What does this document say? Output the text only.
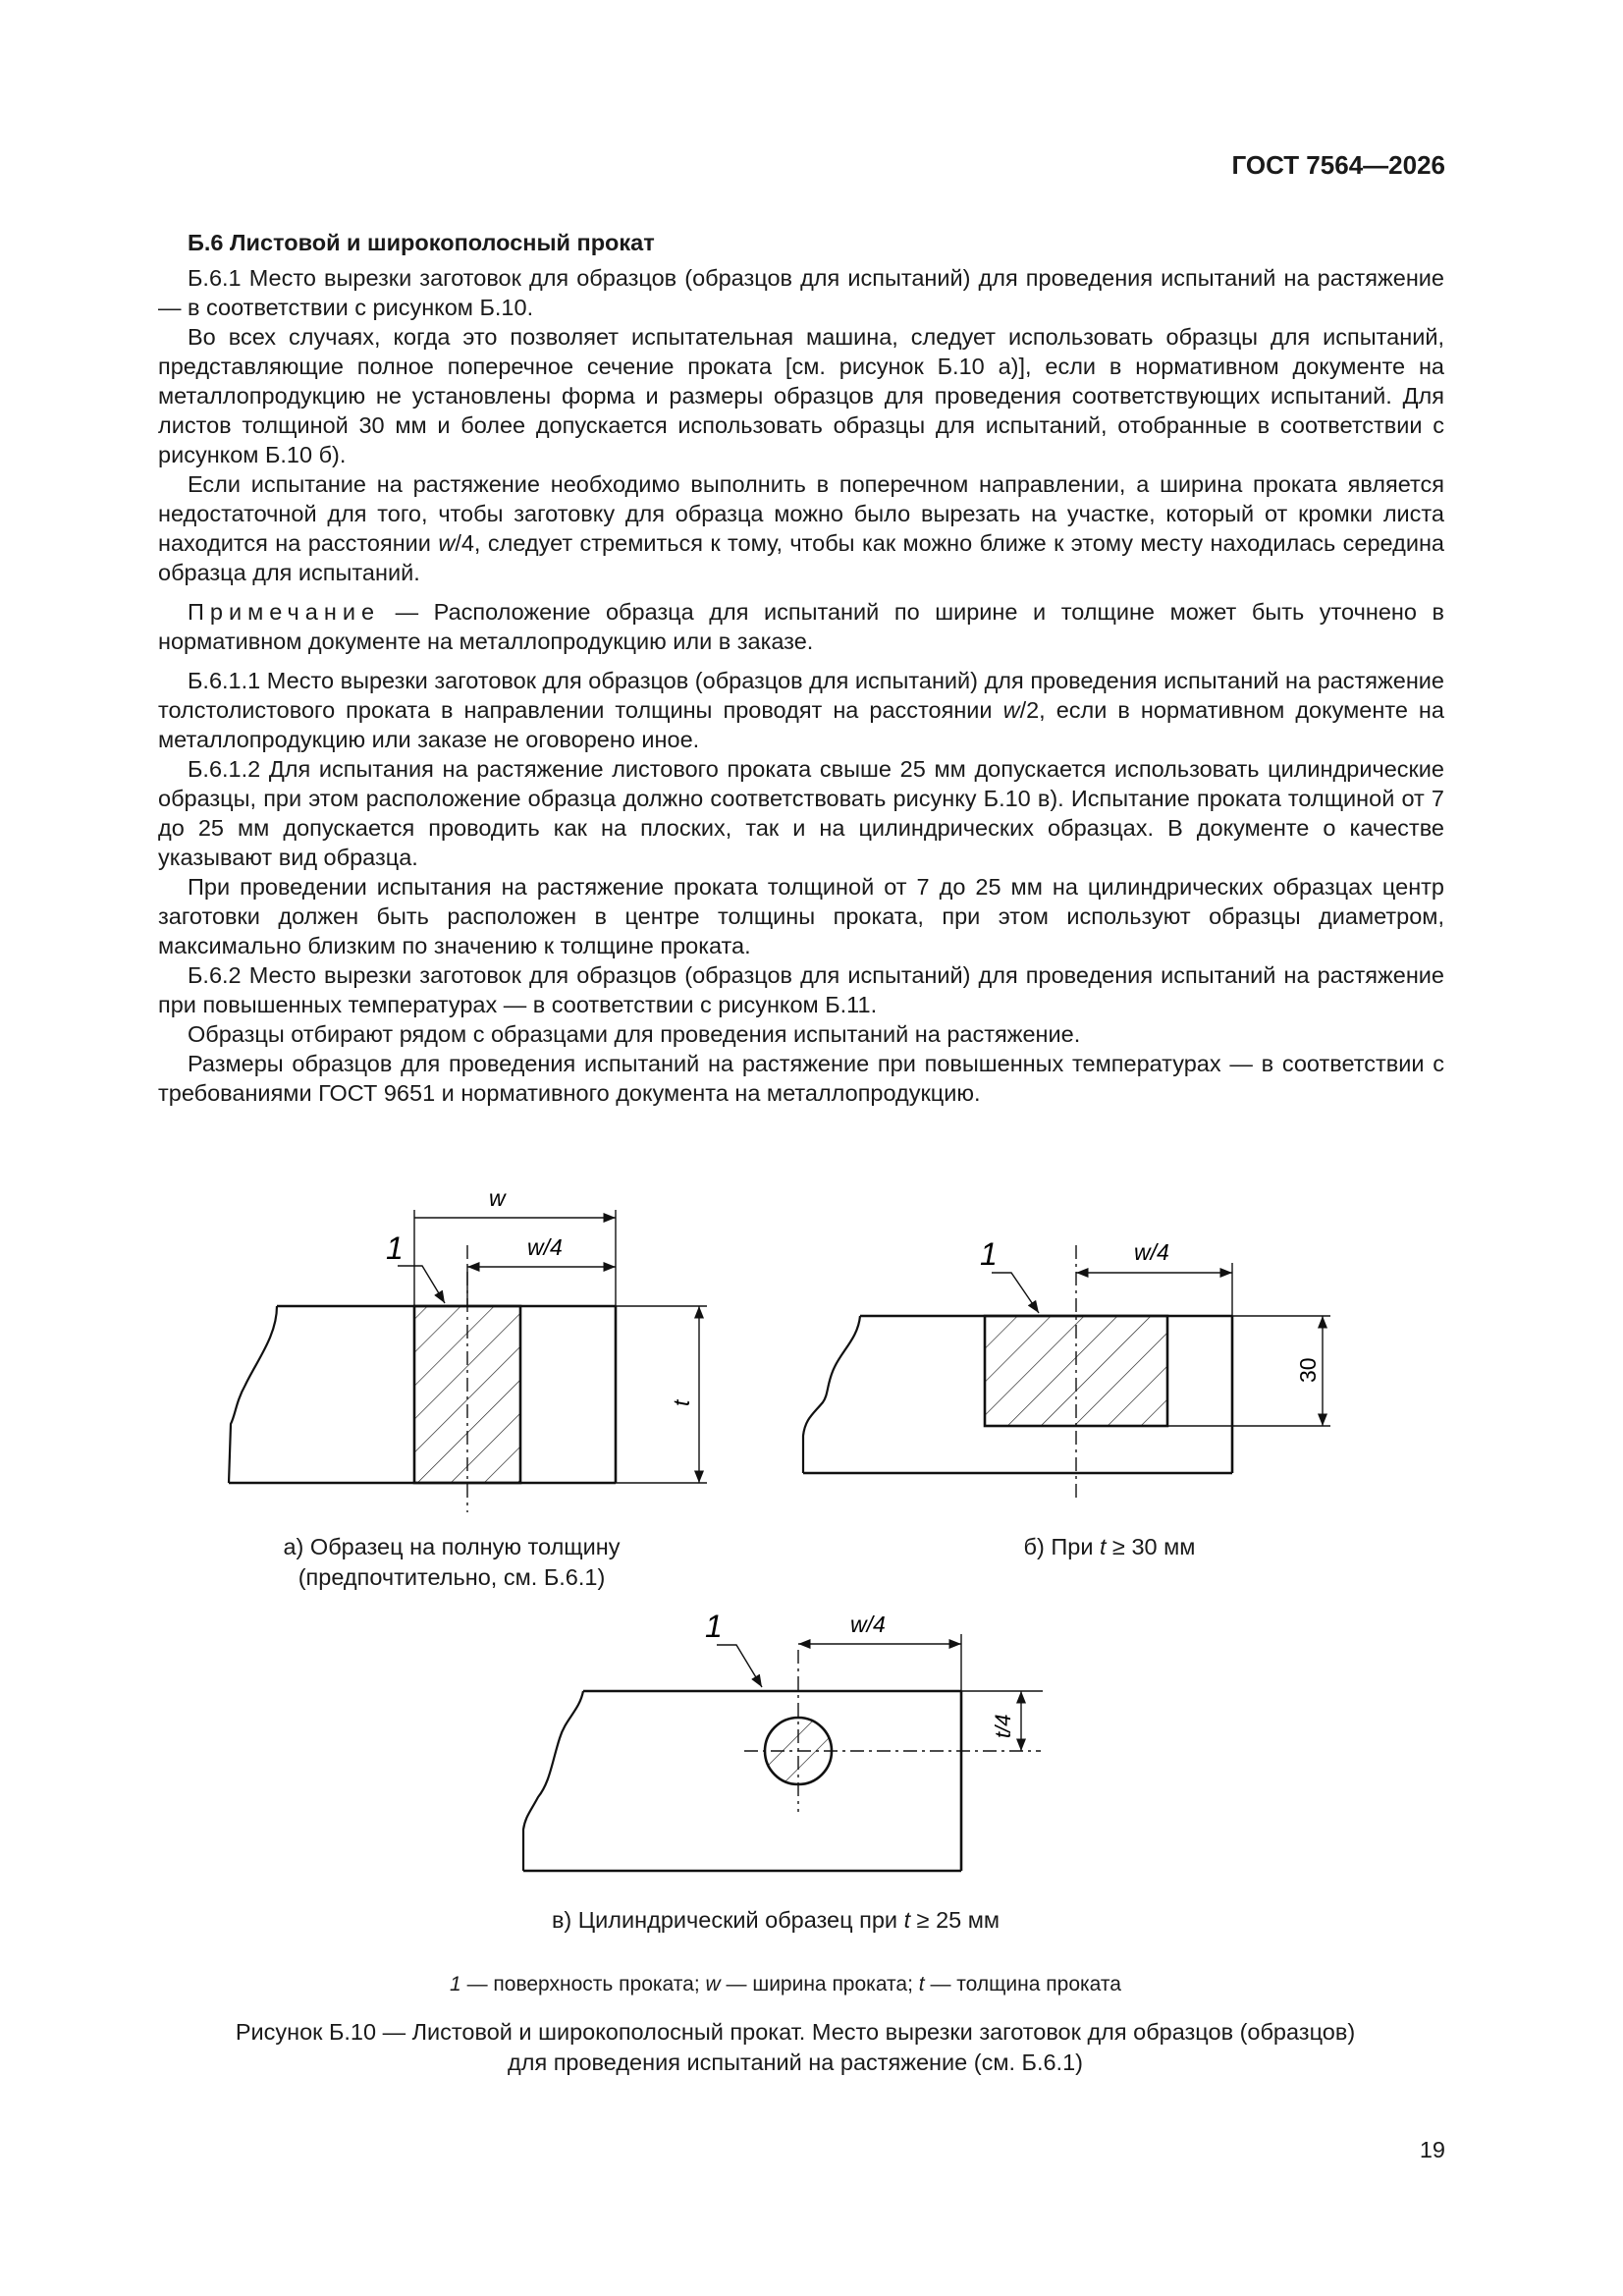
ГОСТ 7564—2026

Б.6 Листовой и широкополосный прокат

Б.6.1 Место вырезки заготовок для образцов (образцов для испытаний) для проведения испытаний на растяжение — в соответствии с рисунком Б.10.

Во всех случаях, когда это позволяет испытательная машина, следует использовать образцы для испытаний, представляющие полное поперечное сечение проката [см. рисунок Б.10 а)], если в нормативном документе на металлопродукцию не установлены форма и размеры образцов для проведения соответствующих испытаний. Для листов толщиной 30 мм и более допускается использовать образцы для испытаний, отобранные в соответствии с рисунком Б.10 б).

Если испытание на растяжение необходимо выполнить в поперечном направлении, а ширина проката является недостаточной для того, чтобы заготовку для образца можно было вырезать на участке, который от кромки листа находится на расстоянии w/4, следует стремиться к тому, чтобы как можно ближе к этому месту находилась середина образца для испытаний.

Примечание — Расположение образца для испытаний по ширине и толщине может быть уточнено в нормативном документе на металлопродукцию или в заказе.

Б.6.1.1 Место вырезки заготовок для образцов (образцов для испытаний) для проведения испытаний на растяжение толстолистового проката в направлении толщины проводят на расстоянии w/2, если в нормативном документе на металлопродукцию или заказе не оговорено иное.

Б.6.1.2 Для испытания на растяжение листового проката свыше 25 мм допускается использовать цилиндрические образцы, при этом расположение образца должно соответствовать рисунку Б.10 в). Испытание проката толщиной от 7 до 25 мм допускается проводить как на плоских, так и на цилиндрических образцах. В документе о качестве указывают вид образца.

При проведении испытания на растяжение проката толщиной от 7 до 25 мм на цилиндрических образцах центр заготовки должен быть расположен в центре толщины проката, при этом используют образцы диаметром, максимально близким по значению к толщине проката.

Б.6.2 Место вырезки заготовок для образцов (образцов для испытаний) для проведения испытаний на растяжение при повышенных температурах — в соответствии с рисунком Б.11.

Образцы отбирают рядом с образцами для проведения испытаний на растяжение.

Размеры образцов для проведения испытаний на растяжение при повышенных температурах — в соответствии с требованиями ГОСТ 9651 и нормативного документа на металлопродукцию.

w
w/4
1
t
w/4
1
30
w/4
1
t/4
а) Образец на полную толщину
(предпочтительно, см. Б.6.1)
б) При t ≥ 30 мм
в) Цилиндрический образец при t ≥ 25 мм
1 — поверхность проката; w — ширина проката; t — толщина проката
Рисунок Б.10 — Листовой и широкополосный прокат. Место вырезки заготовок для образцов (образцов)
для проведения испытаний на растяжение (см. Б.6.1)
19
